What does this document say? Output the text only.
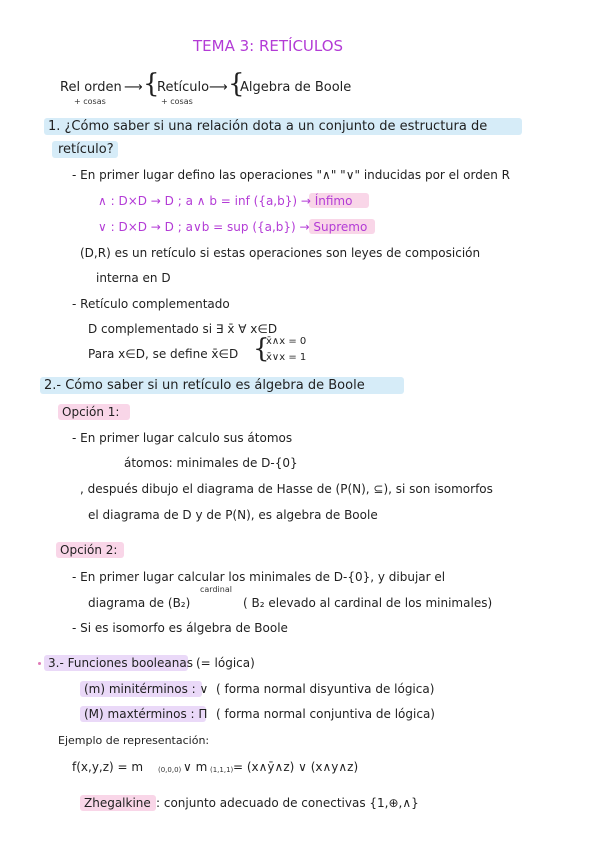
TEMA 3: RETÍCULOS
Rel orden ⟶ {
Retículo ⟶ {
Algebra de Boole
+ cosas	+ cosas
1. ¿Cómo saber si una relación dota a un conjunto de estructura de
retículo?
- En primer lugar defino las operaciones "∧" "∨" inducidas por el orden R
∧ : D×D → D ; a ∧ b = inf ({a,b}) → Ínfimo
∨ : D×D → D ; a∨b = sup ({a,b}) → Supremo
(D,R) es un retículo si estas operaciones son leyes de composición
interna en D
- Retículo complementado
D complementado si ∃ x̄ ∀ x∈D
Para x∈D, se define x̄∈D {
x̄∧x = 0
x̄∨x = 1
2.- Cómo saber si un retículo es álgebra de Boole
Opción 1:
- En primer lugar calculo sus átomos
átomos: minimales de D-{0}
, después dibujo el diagrama de Hasse de (P(N), ⊆), si son isomorfos
el diagrama de D y de P(N), es algebra de Boole
Opción 2:
- En primer lugar calcular los minimales de D-{0}, y dibujar el
diagrama de (B₂)
cardinal
( B₂ elevado al cardinal de los minimales)
- Si es isomorfo es álgebra de Boole
3.- Funciones booleanas (= lógica)
(m) minitérminos : ∨ ( forma normal disyuntiva de lógica)
(M) maxtérminos : Π ( forma normal conjuntiva de lógica)
Ejemplo de representación:
f(x,y,z) = m (0,0,0) ∨ m (1,1,1) = (x∧ȳ∧z) ∨ (x∧y∧z)
Zhegalkine : conjunto adecuado de conectivas {1,⊕,∧}
